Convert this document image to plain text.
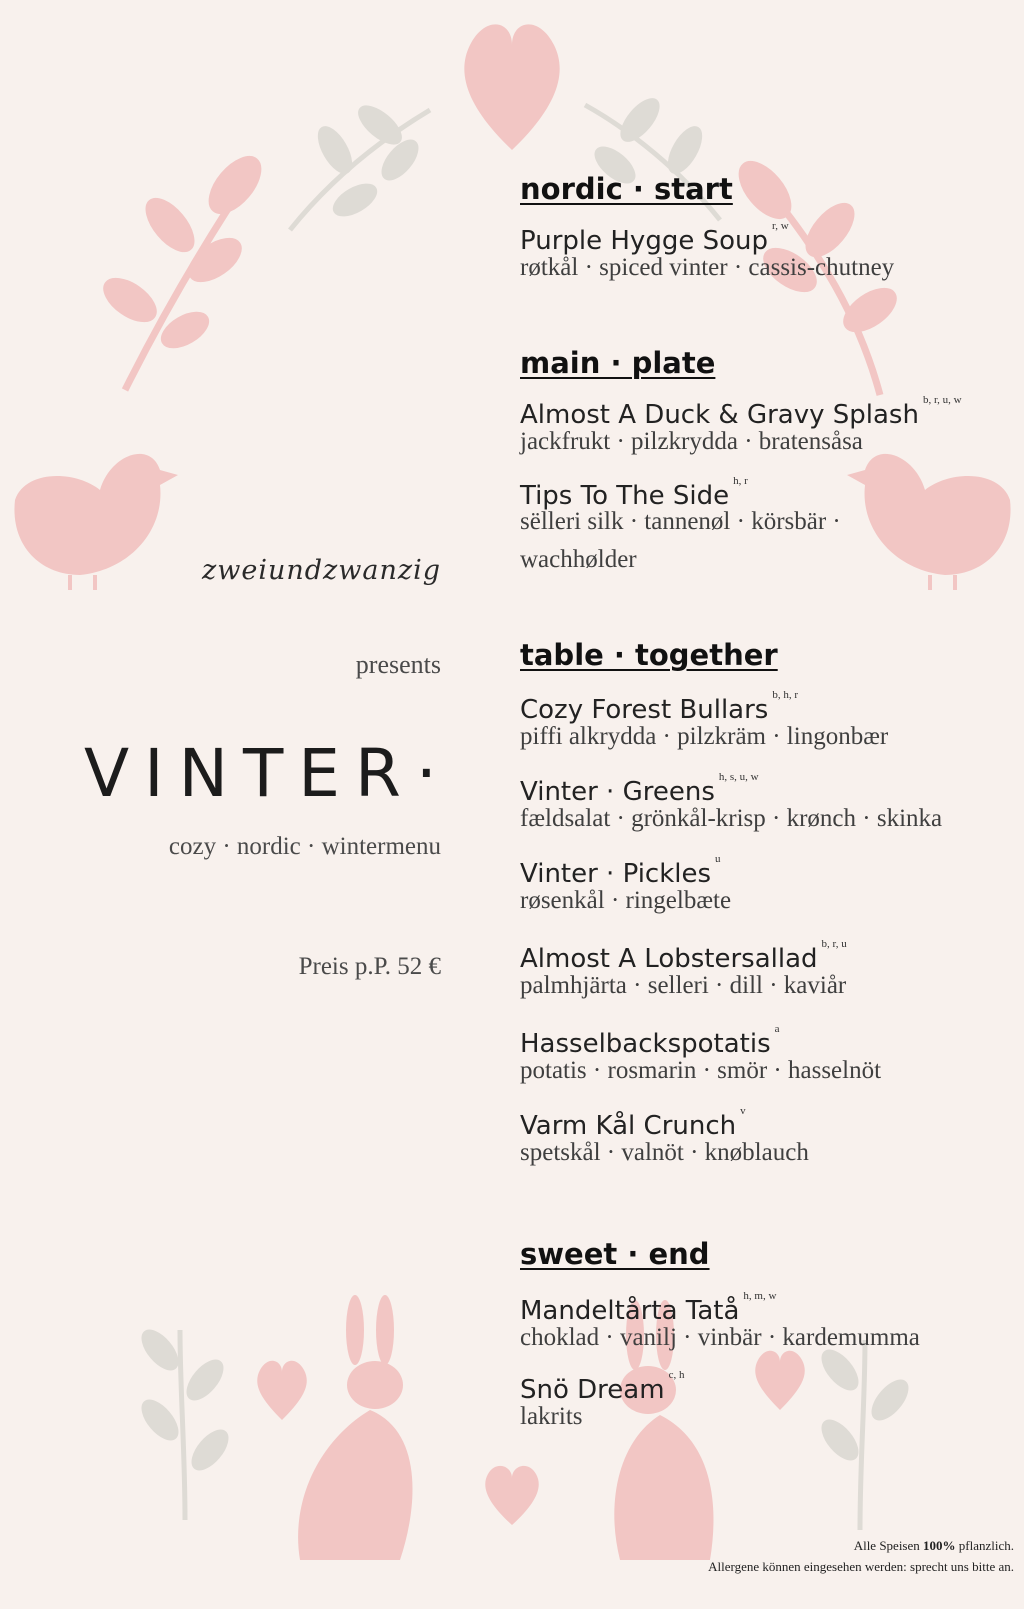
zweiundzwanzig
presents
VINTER·
cozy · nordic · wintermenu
Preis p.P. 52 €
nordic · start
Purple Hygge Soup $^{r, w}$
røtkål · spiced vinter · cassis-chutney
main · plate
Almost A Duck & Gravy Splash $^{b, r, u, w}$
jackfrukt · pilzkrydda · bratensåsa
Tips To The Side $^{h, r}$
sëlleri silk · tannenøl · körsbär · wachhølder
table · together
Cozy Forest Bullars $^{b, h, r}$
piffi alkrydda · pilzkräm · lingonbær
Vinter · Greens $^{h, s, u, w}$
fældsalat · grönkål-krisp · krønch · skinka
Vinter · Pickles $^u$
røsenkål · ringelbæte
Almost A Lobstersallad $^{b, r, u}$
palmhjärta · selleri · dill · kaviår
Hasselbackspotatis $^a$
potatis · rosmarin · smör · hasselnöt
Varm Kål Crunch $^v$
spetskål · valnöt · knøblauch
sweet · end
Mandeltårta Tatå $^{h, m, w}$
choklad · vanilj · vinbär · kardemumma
Snö Dream $^{c, h}$
lakrits
Alle Speisen 100% pflanzlich.
Allergene können eingesehen werden: sprecht uns bitte an.
